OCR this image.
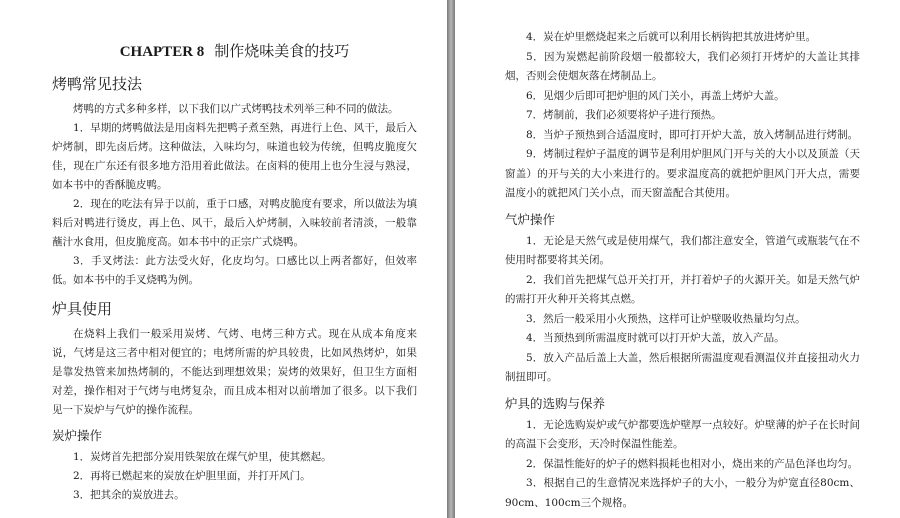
CHAPTER 8 制作烧味美食的技巧
烤鸭常见技法

烤鸭的方式多种多样，以下我们以广式烤鸭技术列举三种不同的做法。

1．早期的烤鸭做法是用卤料先把鸭子煮至熟，再进行上色、风干，最后入炉烤制，即先卤后烤。这种做法，入味均匀，味道也较为传统，但鸭皮脆度欠佳，现在广东还有很多地方沿用着此做法。在卤料的使用上也分生浸与熟浸，如本书中的香酥脆皮鸭。

2．现在的吃法有异于以前，重于口感，对鸭皮脆度有要求，所以做法为填料后对鸭进行烫皮，再上色、风干，最后入炉烤制，入味较前者清淡，一般靠蘸汁水食用，但皮脆度高。如本书中的正宗广式烧鸭。

3．手叉烤法：此方法受火好，化皮均匀。口感比以上两者都好，但效率低。如本书中的手叉烧鸭为例。

炉具使用

在烧料上我们一般采用炭烤、气烤、电烤三种方式。现在从成本角度来说，气烤是这三者中相对便宜的；电烤所需的炉具较贵，比如风热烤炉，如果是靠发热管来加热烤制的，不能达到理想效果；炭烤的效果好，但卫生方面相对差，操作相对于气烤与电烤复杂，而且成本相对以前增加了很多。以下我们见一下炭炉与气炉的操作流程。

炭炉操作

1．炭烤首先把部分炭用铁架放在煤气炉里，使其燃起。

2．再将已燃起来的炭放在炉胆里面，并打开风门。

3．把其余的炭放进去。

4．炭在炉里燃烧起来之后就可以利用长柄钩把其放进烤炉里。

5．因为炭燃起前阶段烟一般都较大，我们必须打开烤炉的大盖让其排烟，否则会使烟灰落在烤制品上。

6．见烟少后即可把炉胆的风门关小，再盖上烤炉大盖。

7．烤制前，我们必须要将炉子进行预热。

8．当炉子预热到合适温度时，即可打开炉大盖，放入烤制品进行烤制。

9．烤制过程炉子温度的调节是利用炉胆风门开与关的大小以及顶盖（天窗盖）的开与关的大小来进行的。要求温度高的就把炉胆风门开大点，需要温度小的就把风门关小点，而天窗盖配合其使用。

气炉操作

1．无论是天然气或是使用煤气，我们都注意安全，管道气或瓶装气在不使用时都要将其关闭。

2．我们首先把煤气总开关打开，并打着炉子的火源开关。如是天然气炉的需打开火种开关将其点燃。

3．然后一般采用小火预热，这样可让炉壁吸收热量均匀点。

4．当预热到所需温度时就可以打开炉大盖，放入产品。

5．放入产品后盖上大盖，然后根据所需温度观看测温仪并直接扭动火力制扭即可。

炉具的选购与保养

1．无论选购炭炉或气炉都要选炉壁厚一点较好。炉壁薄的炉子在长时间的高温下会变形，天冷时保温性能差。

2．保温性能好的炉子的燃料损耗也相对小，烧出来的产品色泽也均匀。

3．根据自己的生意情况来选择炉子的大小，一般分为炉宽直径80cm、90cm、100cm三个规格。
